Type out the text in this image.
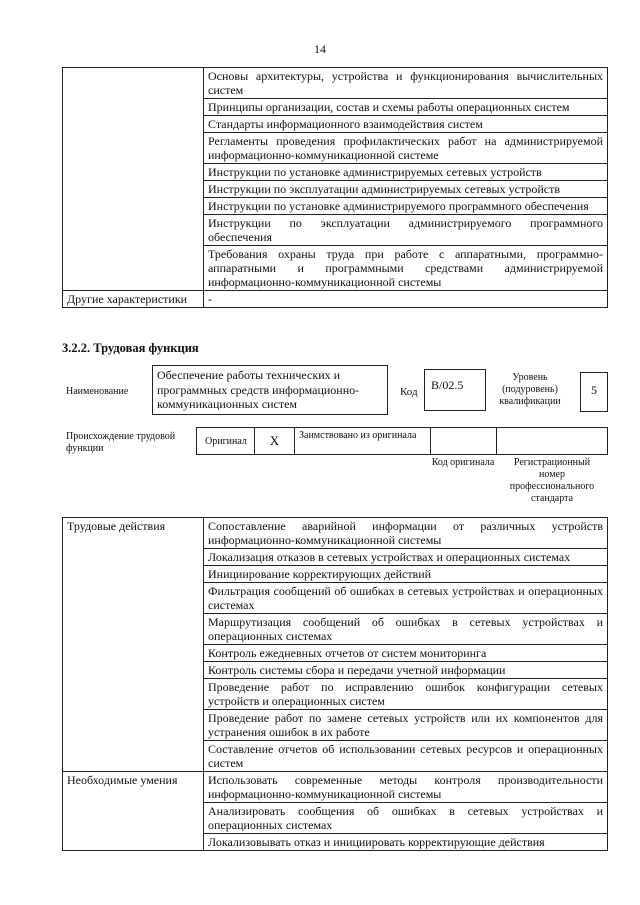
14
	Основы архитектуры, устройства и функционирования вычислительных систем
	Принципы организации, состав и схемы работы операционных систем
	Стандарты информационного взаимодействия систем
	Регламенты проведения профилактических работ на администрируемой информационно-коммуникационной системе
	Инструкции по установке администрируемых сетевых устройств
	Инструкции по эксплуатации администрируемых сетевых устройств
	Инструкции по установке администрируемого программного обеспечения
	Инструкции по эксплуатации администрируемого программного обеспечения
	Требования охраны труда при работе с аппаратными, программно-аппаратными и программными средствами администрируемой информационно-коммуникационной системы
Другие характеристики	-
3.2.2. Трудовая функция
Наименование
Обеспечение работы технических и программных средств информационно-коммуникационных систем
Код	B/02.5
Уровень (подуровень) квалификации
5
Происхождение трудовой функции
Оригинал	X	Заимствовано из оригинала
Код оригинала	Регистрационный номер профессионального стандарта
Трудовые действия	Сопоставление аварийной информации от различных устройств информационно-коммуникационной системы
	Локализация отказов в сетевых устройствах и операционных системах
	Инициирование корректирующих действий
	Фильтрация сообщений об ошибках в сетевых устройствах и операционных системах
	Маршрутизация сообщений об ошибках в сетевых устройствах и операционных системах
	Контроль ежедневных отчетов от систем мониторинга
	Контроль системы сбора и передачи учетной информации
	Проведение работ по исправлению ошибок конфигурации сетевых устройств и операционных систем
	Проведение работ по замене сетевых устройств или их компонентов для устранения ошибок в их работе
	Составление отчетов об использовании сетевых ресурсов и операционных систем
Необходимые умения	Использовать современные методы контроля производительности информационно-коммуникационной системы
	Анализировать сообщения об ошибках в сетевых устройствах и операционных системах
	Локализовывать отказ и инициировать корректирующие действия
